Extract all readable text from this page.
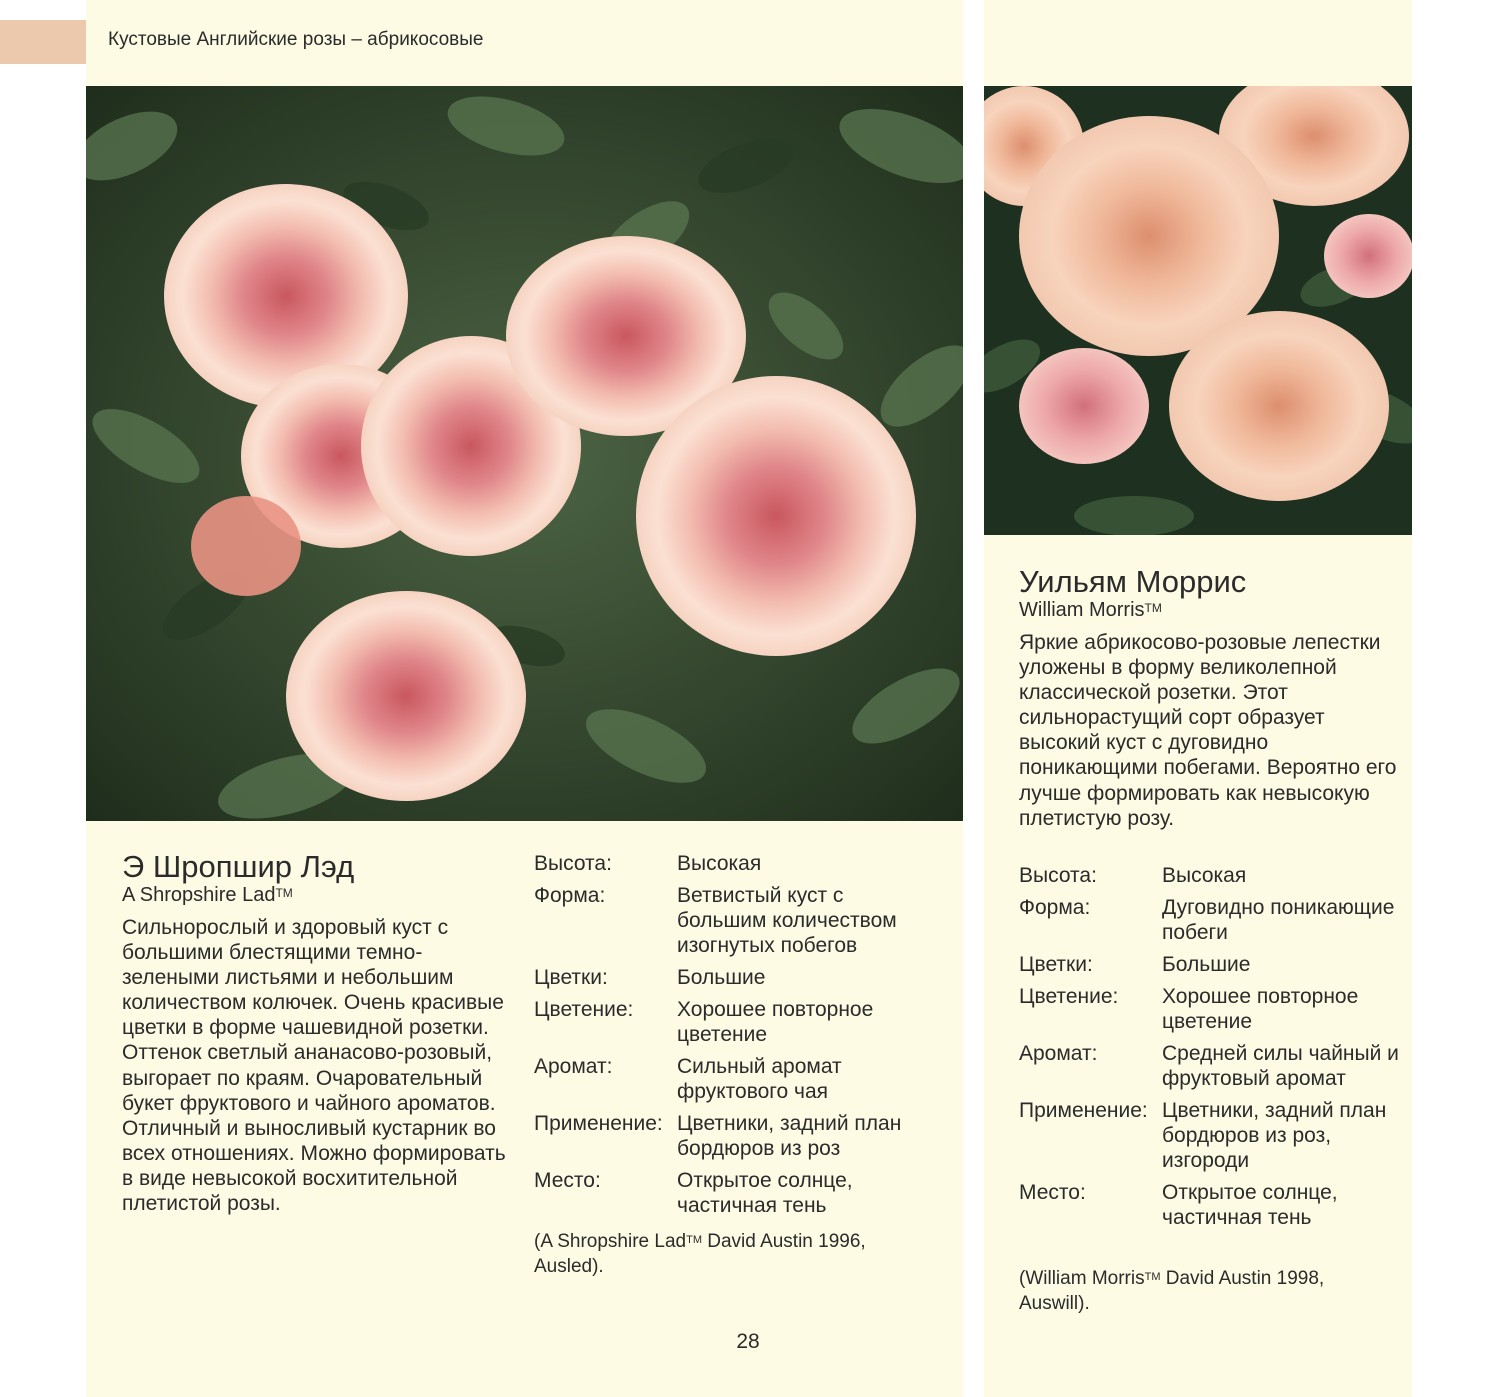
Кустовые Английские розы – абрикосовые
Э Шропшир Лэд
A Shropshire Lad™
Сильнорослый и здоровый куст с большими блестящими темно-зелеными листьями и небольшим количеством колючек. Очень красивые цветки в форме чашевидной розетки. Оттенок светлый ананасово-розовый, выгорает по краям. Очаровательный букет фруктового и чайного ароматов. Отличный и выносливый кустарник во всех отношениях. Можно формировать в виде невысокой восхитительной плетистой розы.
Высота:	Высокая
Форма:	Ветвистый куст с большим количеством изогнутых побегов
Цветки:	Большие
Цветение:	Хорошее повторное цветение
Аромат:	Сильный аромат фруктового чая
Применение:	Цветники, задний план бордюров из роз
Место:	Открытое солнце, частичная тень
(A Shropshire Lad™ David Austin 1996, Ausled).
Уильям Моррис
William Morris™
Яркие абрикосово-розовые лепестки уложены в форму великолепной классической розетки. Этот сильнорастущий сорт образует высокий куст с дуговидно поникающими побегами. Вероятно его лучше формировать как невысокую плетистую розу.
Высота:	Высокая
Форма:	Дуговидно поникающие побеги
Цветки:	Большие
Цветение:	Хорошее повторное цветение
Аромат:	Средней силы чайный и фруктовый аромат
Применение:	Цветники, задний план бордюров из роз, изгороди
Место:	Открытое солнце, частичная тень
(William Morris™ David Austin 1998, Auswill).
28
